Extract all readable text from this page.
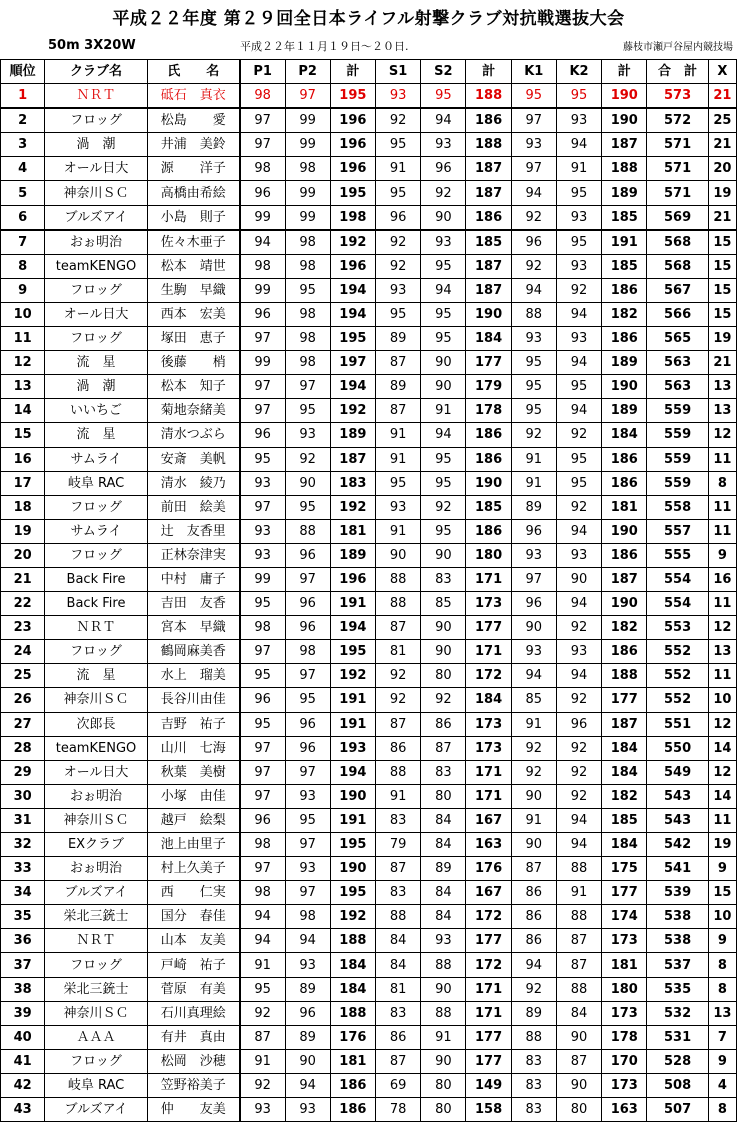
平成２２年度 第２９回全日本ライフル射撃クラブ対抗戦選抜大会
50m 3X20W	平成２２年１１月１９日～２０日.	藤枝市瀬戸谷屋内競技場
順位	クラブ名	氏　　名	P1	P2	計	S1	S2	計	K1	K2	計	合　計	X
1	ＮＲＴ	砥石　真衣	98	97	195	93	95	188	95	95	190	573	21
2	フロッグ	松島　　愛	97	99	196	92	94	186	97	93	190	572	25
3	渦　潮	井浦　美鈴	97	99	196	95	93	188	93	94	187	571	21
4	オール日大	源　　洋子	98	98	196	91	96	187	97	91	188	571	20
5	神奈川ＳＣ	高橋由希絵	96	99	195	95	92	187	94	95	189	571	19
6	ブルズアイ	小島　則子	99	99	198	96	90	186	92	93	185	569	21
7	おぉ明治	佐々木亜子	94	98	192	92	93	185	96	95	191	568	15
8	teamKENGO	松本　靖世	98	98	196	92	95	187	92	93	185	568	15
9	フロッグ	生駒　早織	99	95	194	93	94	187	94	92	186	567	15
10	オール日大	西本　宏美	96	98	194	95	95	190	88	94	182	566	15
11	フロッグ	塚田　恵子	97	98	195	89	95	184	93	93	186	565	19
12	流　星	後藤　　梢	99	98	197	87	90	177	95	94	189	563	21
13	渦　潮	松本　知子	97	97	194	89	90	179	95	95	190	563	13
14	いいちご	菊地奈緒美	97	95	192	87	91	178	95	94	189	559	13
15	流　星	清水つぶら	96	93	189	91	94	186	92	92	184	559	12
16	サムライ	安斎　美帆	95	92	187	91	95	186	91	95	186	559	11
17	岐阜 RAC	清水　綾乃	93	90	183	95	95	190	91	95	186	559	8
18	フロッグ	前田　絵美	97	95	192	93	92	185	89	92	181	558	11
19	サムライ	辻　友香里	93	88	181	91	95	186	96	94	190	557	11
20	フロッグ	正林奈津実	93	96	189	90	90	180	93	93	186	555	9
21	Back Fire	中村　庸子	99	97	196	88	83	171	97	90	187	554	16
22	Back Fire	吉田　友香	95	96	191	88	85	173	96	94	190	554	11
23	ＮＲＴ	宮本　早織	98	96	194	87	90	177	90	92	182	553	12
24	フロッグ	鶴岡麻美香	97	98	195	81	90	171	93	93	186	552	13
25	流　星	水上　瑠美	95	97	192	92	80	172	94	94	188	552	11
26	神奈川ＳＣ	長谷川由佳	96	95	191	92	92	184	85	92	177	552	10
27	次郎長	吉野　祐子	95	96	191	87	86	173	91	96	187	551	12
28	teamKENGO	山川　七海	97	96	193	86	87	173	92	92	184	550	14
29	オール日大	秋葉　美樹	97	97	194	88	83	171	92	92	184	549	12
30	おぉ明治	小塚　由佳	97	93	190	91	80	171	90	92	182	543	14
31	神奈川ＳＣ	越戸　絵梨	96	95	191	83	84	167	91	94	185	543	11
32	EXクラブ	池上由里子	98	97	195	79	84	163	90	94	184	542	19
33	おぉ明治	村上久美子	97	93	190	87	89	176	87	88	175	541	9
34	ブルズアイ	西　　仁実	98	97	195	83	84	167	86	91	177	539	15
35	栄北三銃士	国分　春佳	94	98	192	88	84	172	86	88	174	538	10
36	ＮＲＴ	山本　友美	94	94	188	84	93	177	86	87	173	538	9
37	フロッグ	戸崎　祐子	91	93	184	84	88	172	94	87	181	537	8
38	栄北三銃士	菅原　有美	95	89	184	81	90	171	92	88	180	535	8
39	神奈川ＳＣ	石川真理絵	92	96	188	83	88	171	89	84	173	532	13
40	ＡＡＡ	有井　真由	87	89	176	86	91	177	88	90	178	531	7
41	フロッグ	松岡　沙穂	91	90	181	87	90	177	83	87	170	528	9
42	岐阜 RAC	笠野裕美子	92	94	186	69	80	149	83	90	173	508	4
43	ブルズアイ	仲　　友美	93	93	186	78	80	158	83	80	163	507	8
